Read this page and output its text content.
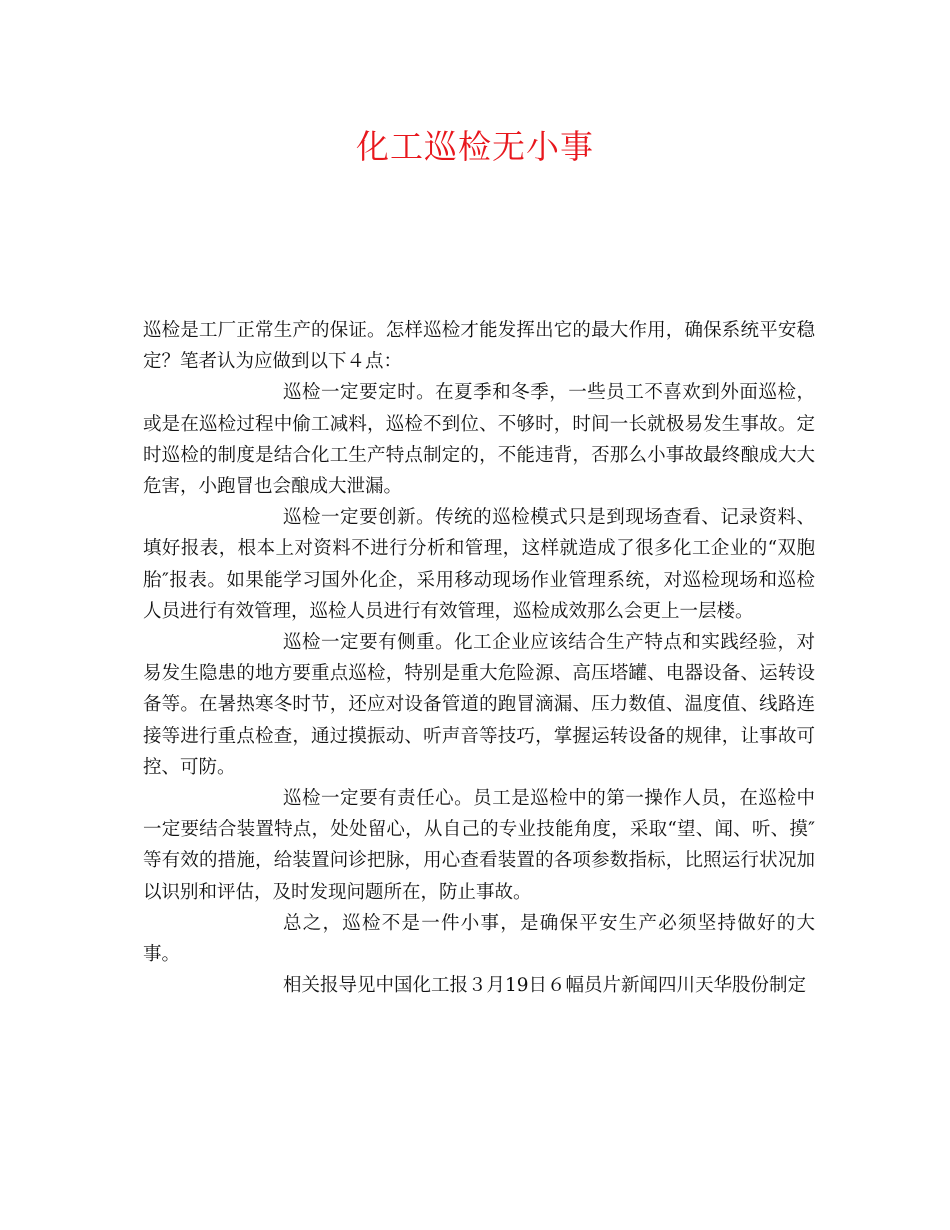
化工巡检无小事

巡检是工厂正常生产的保证。怎样巡检才能发挥出它的最大作用，确保系统平安稳定？笔者认为应做到以下４点：

巡检一定要定时。在夏季和冬季，一些员工不喜欢到外面巡检，或是在巡检过程中偷工减料，巡检不到位、不够时，时间一长就极易发生事故。定时巡检的制度是结合化工生产特点制定的，不能违背，否那么小事故最终酿成大大危害，小跑冒也会酿成大泄漏。

巡检一定要创新。传统的巡检模式只是到现场查看、记录资料、填好报表，根本上对资料不进行分析和管理，这样就造成了很多化工企业的“双胞胎″报表。如果能学习国外化企，采用移动现场作业管理系统，对巡检现场和巡检人员进行有效管理，巡检人员进行有效管理，巡检成效那么会更上一层楼。

巡检一定要有侧重。化工企业应该结合生产特点和实践经验，对易发生隐患的地方要重点巡检，特别是重大危险源、高压塔罐、电器设备、运转设备等。在暑热寒冬时节，还应对设备管道的跑冒滴漏、压力数值、温度值、线路连接等进行重点检查，通过摸振动、听声音等技巧，掌握运转设备的规律，让事故可控、可防。

巡检一定要有责任心。员工是巡检中的第一操作人员，在巡检中一定要结合装置特点，处处留心，从自己的专业技能角度，采取“望、闻、听、摸″等有效的措施，给装置问诊把脉，用心查看装置的各项参数指标，比照运行状况加以识别和评估，及时发现问题所在，防止事故。

总之，巡检不是一件小事，是确保平安生产必须坚持做好的大事。

相关报导见中国化工报３月19日６幅员片新闻四川天华股份制定
